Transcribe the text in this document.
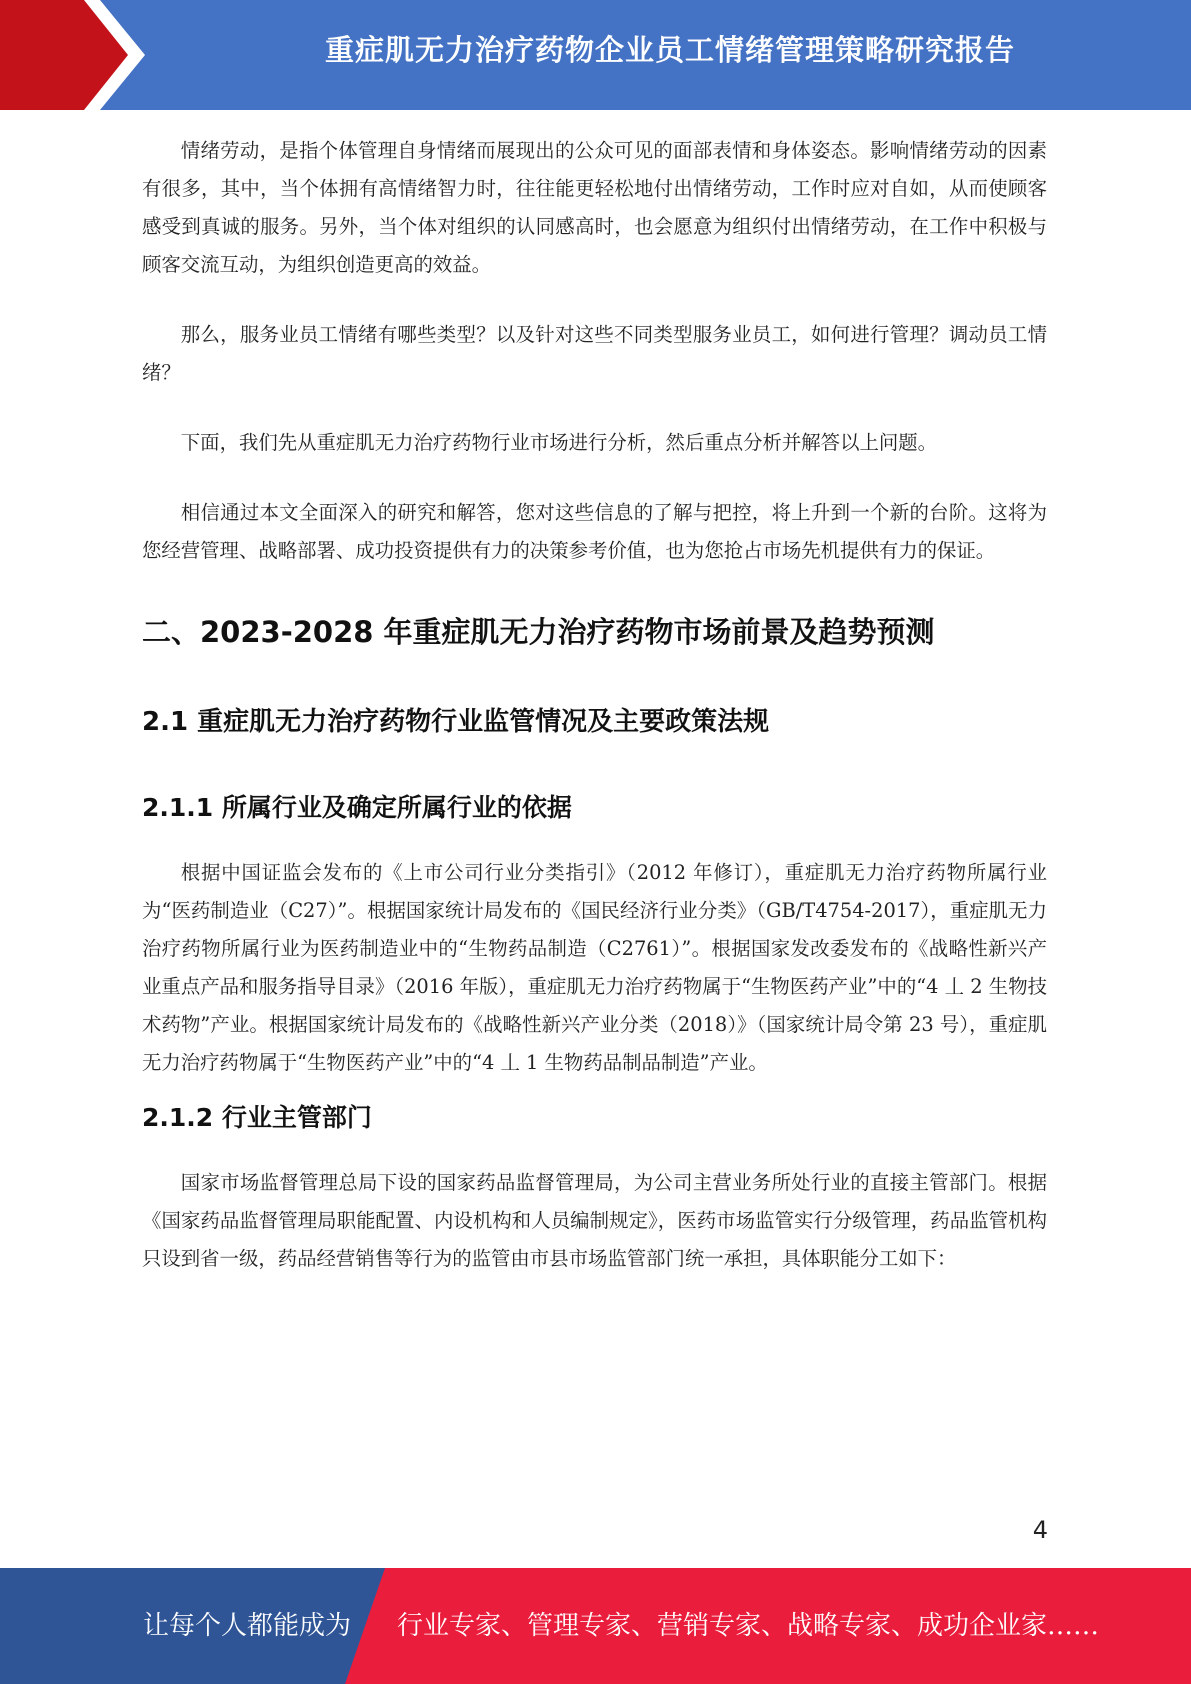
重症肌无力治疗药物企业员工情绪管理策略研究报告

情绪劳动，是指个体管理自身情绪而展现出的公众可见的面部表情和身体姿态。影响情绪劳动的因素有很多，其中，当个体拥有高情绪智力时，往往能更轻松地付出情绪劳动，工作时应对自如，从而使顾客感受到真诚的服务。另外，当个体对组织的认同感高时，也会愿意为组织付出情绪劳动，在工作中积极与顾客交流互动，为组织创造更高的效益。

那么，服务业员工情绪有哪些类型？以及针对这些不同类型服务业员工，如何进行管理？调动员工情绪？

下面，我们先从重症肌无力治疗药物行业市场进行分析，然后重点分析并解答以上问题。

相信通过本文全面深入的研究和解答，您对这些信息的了解与把控，将上升到一个新的台阶。这将为您经营管理、战略部署、成功投资提供有力的决策参考价值，也为您抢占市场先机提供有力的保证。

二、2023-2028 年重症肌无力治疗药物市场前景及趋势预测
2.1 重症肌无力治疗药物行业监管情况及主要政策法规
2.1.1 所属行业及确定所属行业的依据

根据中国证监会发布的《上市公司行业分类指引》（2012 年修订），重症肌无力治疗药物所属行业为“医药制造业（C27）”。根据国家统计局发布的《国民经济行业分类》（GB/T4754-2017），重症肌无力治疗药物所属行业为医药制造业中的“生物药品制造（C2761）”。根据国家发改委发布的《战略性新兴产业重点产品和服务指导目录》（2016 年版），重症肌无力治疗药物属于“生物医药产业”中的“4 丄 2 生物技术药物”产业。根据国家统计局发布的《战略性新兴产业分类（2018）》（国家统计局令第 23 号），重症肌无力治疗药物属于“生物医药产业”中的“4 丄 1 生物药品制品制造”产业。

2.1.2 行业主管部门

国家市场监督管理总局下设的国家药品监督管理局，为公司主营业务所处行业的直接主管部门。根据《国家药品监督管理局职能配置、内设机构和人员编制规定》，医药市场监管实行分级管理，药品监管机构只设到省一级，药品经营销售等行为的监管由市县市场监管部门统一承担，具体职能分工如下：

4
让每个人都能成为 行业专家、管理专家、营销专家、战略专家、成功企业家……
